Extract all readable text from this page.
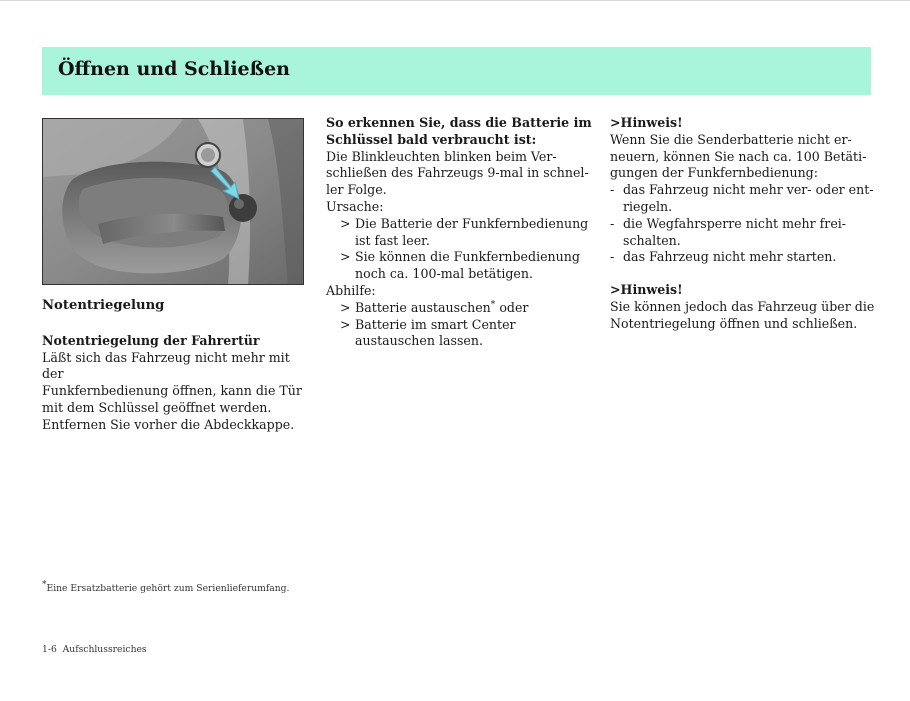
Öffnen und Schließen

Notentriegelung

Notentriegelung der Fahrertür

Läßt sich das Fahrzeug nicht mehr mit der

Funkfernbedienung öffnen, kann die Tür

mit dem Schlüssel geöffnet werden.

Entfernen Sie vorher die Abdeckkappe.

So erkennen Sie, dass die Batterie im

Schlüssel bald verbraucht ist:

Die Blinkleuchten blinken beim Ver-

schließen des Fahrzeugs 9-mal in schnel-

ler Folge.

Ursache:

> Die Batterie der Funkfernbedienung
ist fast leer.
> Sie können die Funkfernbedienung
noch ca. 100-mal betätigen.

Abhilfe:

> Batterie austauschen* oder
> Batterie im smart Center
austauschen lassen.

>Hinweis!

Wenn Sie die Senderbatterie nicht er-

neuern, können Sie nach ca. 100 Betäti-

gungen der Funkfernbedienung:

- das Fahrzeug nicht mehr ver- oder ent-
riegeln.
- die Wegfahrsperre nicht mehr frei-
schalten.
- das Fahrzeug nicht mehr starten.

>Hinweis!

Sie können jedoch das Fahrzeug über die

Notentriegelung öffnen und schließen.

*Eine Ersatzbatterie gehört zum Serienlieferumfang.
1-6 Aufschlussreiches
